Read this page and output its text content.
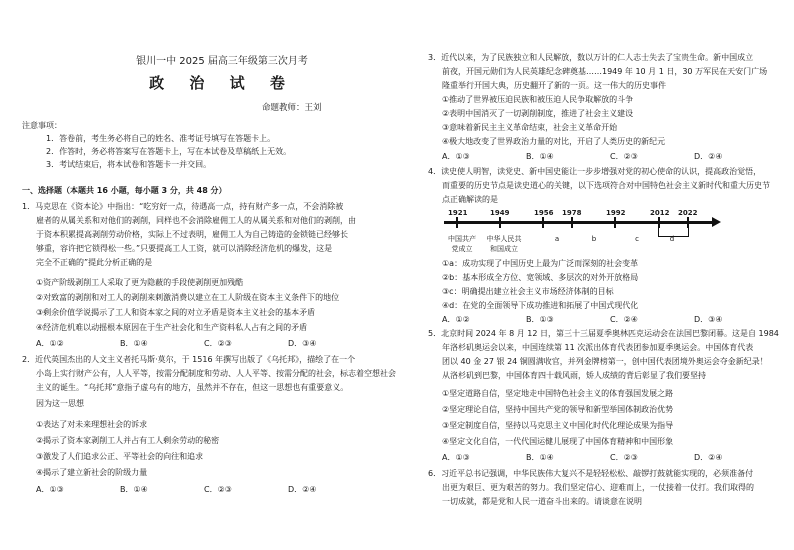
银川一中 2025 届高三年级第三次月考
政 治 试 卷
命题教师：王刘
注意事项：
1．答卷前，考生务必将自己的姓名、准考证号填写在答题卡上。
2．作答时，务必将答案写在答题卡上，写在本试卷及草稿纸上无效。
3．考试结束后，将本试卷和答题卡一并交回。
一、选择题（本题共 16 小题，每小题 3 分，共 48 分）
1．马克思在《资本论》中指出：“吃穷好一点，待遇高一点，持有财产多一点，不会消除被
雇者的从属关系和对他们的剥削，同样也不会消除雇佣工人的从属关系和对他们的剥削，由
于资本积累提高剥削劳动价格，实际上不过表明，雇佣工人为自己铸造的金锁链已经够长
够重，容许把它锁得松一些。”只要提高工人工资，就可以消除经济危机的爆发，这是
完全不正确的”提此分析正确的是
①资产阶级剥削工人采取了更为隐蔽的手段使剥削更加残酷
②对致富的剥削和对工人的剥削来刺激消费以建立在工人阶级在资本主义条件下的地位
③剩余价值学说揭示了工人和资本家之间的对立矛盾是资本主义社会的基本矛盾
④经济危机难以动摇根本原因在于生产社会化和生产资料私人占有之间的矛盾
A．①②	B．①④	C．②③	D．③④
2．近代英国杰出的人文主义者托马斯·莫尔，于 1516 年撰写出版了《乌托邦》，描绘了在一个
小岛上实行财产公有，人人平等，按需分配制度和劳动、人人平等、按需分配的社会，标志着空想社会
主义的诞生。“乌托邦”意指子虚乌有的地方，虽然并不存在，但这一思想也有重要意义。
因为这一思想
①表达了对未来理想社会的诉求
②揭示了资本家剥削工人并占有工人剩余劳动的秘密
③激发了人们追求公正、平等社会的向往和追求
④揭示了建立新社会的阶级力量
A．①③	B．①④	C．②③	D．②④
3．近代以来，为了民族独立和人民解放，数以万计的仁人志士失去了宝贵生命。新中国成立
前夜，开国元勋们为人民英雄纪念碑奠基……1949 年 10 月 1 日，30 万军民在天安门广场
隆重举行开国大典，历史翻开了新的一页。这一伟大的历史事件
①推动了世界被压迫民族和被压迫人民争取解放的斗争
②表明中国消灭了一切剥削制度，推进了社会主义建设
③意味着新民主主义革命结束，社会主义革命开始
④极大地改变了世界政治力量的对比，开启了人类历史的新纪元
A．①③	B．①④	C．②③	D．②④
4．读史使人明智，读党史、新中国史能让一步步增强对党的初心使命的认识，提高政治觉悟，
而重要的历史节点是读史道心的关键，以下选项符合对中国特色社会主义新时代和重大历史节
点正确解读的是
1921	1949	1956 1978	1992	2012 2022
中国共产
党成立
中华人民共
和国成立
a	b	c	d
①a：成功实现了中国历史上最为广泛而深刻的社会变革
②b：基本形成全方位、宽领域、多层次的对外开放格局
③c：明确提出建立社会主义市场经济体制的目标
④d：在党的全面领导下成功推进和拓展了中国式现代化
A．①②	B．①③	C．②④	D．③④
5．北京时间 2024 年 8 月 12 日，第三十三届夏季奥林匹克运动会在法国巴黎闭幕。这是自 1984
年洛杉矶奥运会以来，中国连续第 11 次派出体育代表团参加夏季奥运会。中国体育代表
团以 40 金 27 银 24 铜圆满收官，并列金牌榜第一，创中国代表团境外奥运会夺金新纪录！
从洛杉矶到巴黎，中国体育四十载风雨，矫人成绩的背后彰显了我们要坚持
①坚定道路自信，坚定地走中国特色社会主义的体育强国发展之路
②坚定理论自信，坚持中国共产党的领导和新型举国体制政治优势
③坚定制度自信，坚持以马克思主义中国化时代化理论成果为指导
④坚定文化自信，一代代国运健儿展现了中国体育精神和中国形象
A．①③	B．①④	C．②③	D．②④
6．习近平总书记强调，中华民族伟大复兴不是轻轻松松、敲锣打鼓就能实现的，必须准备付
出更为艰巨、更为艰苦的努力。我们坚定信心、迎难而上，一仗接着一仗打。我们取得的
一切成就，都是党和人民一道奋斗出来的。请谈意在说明
